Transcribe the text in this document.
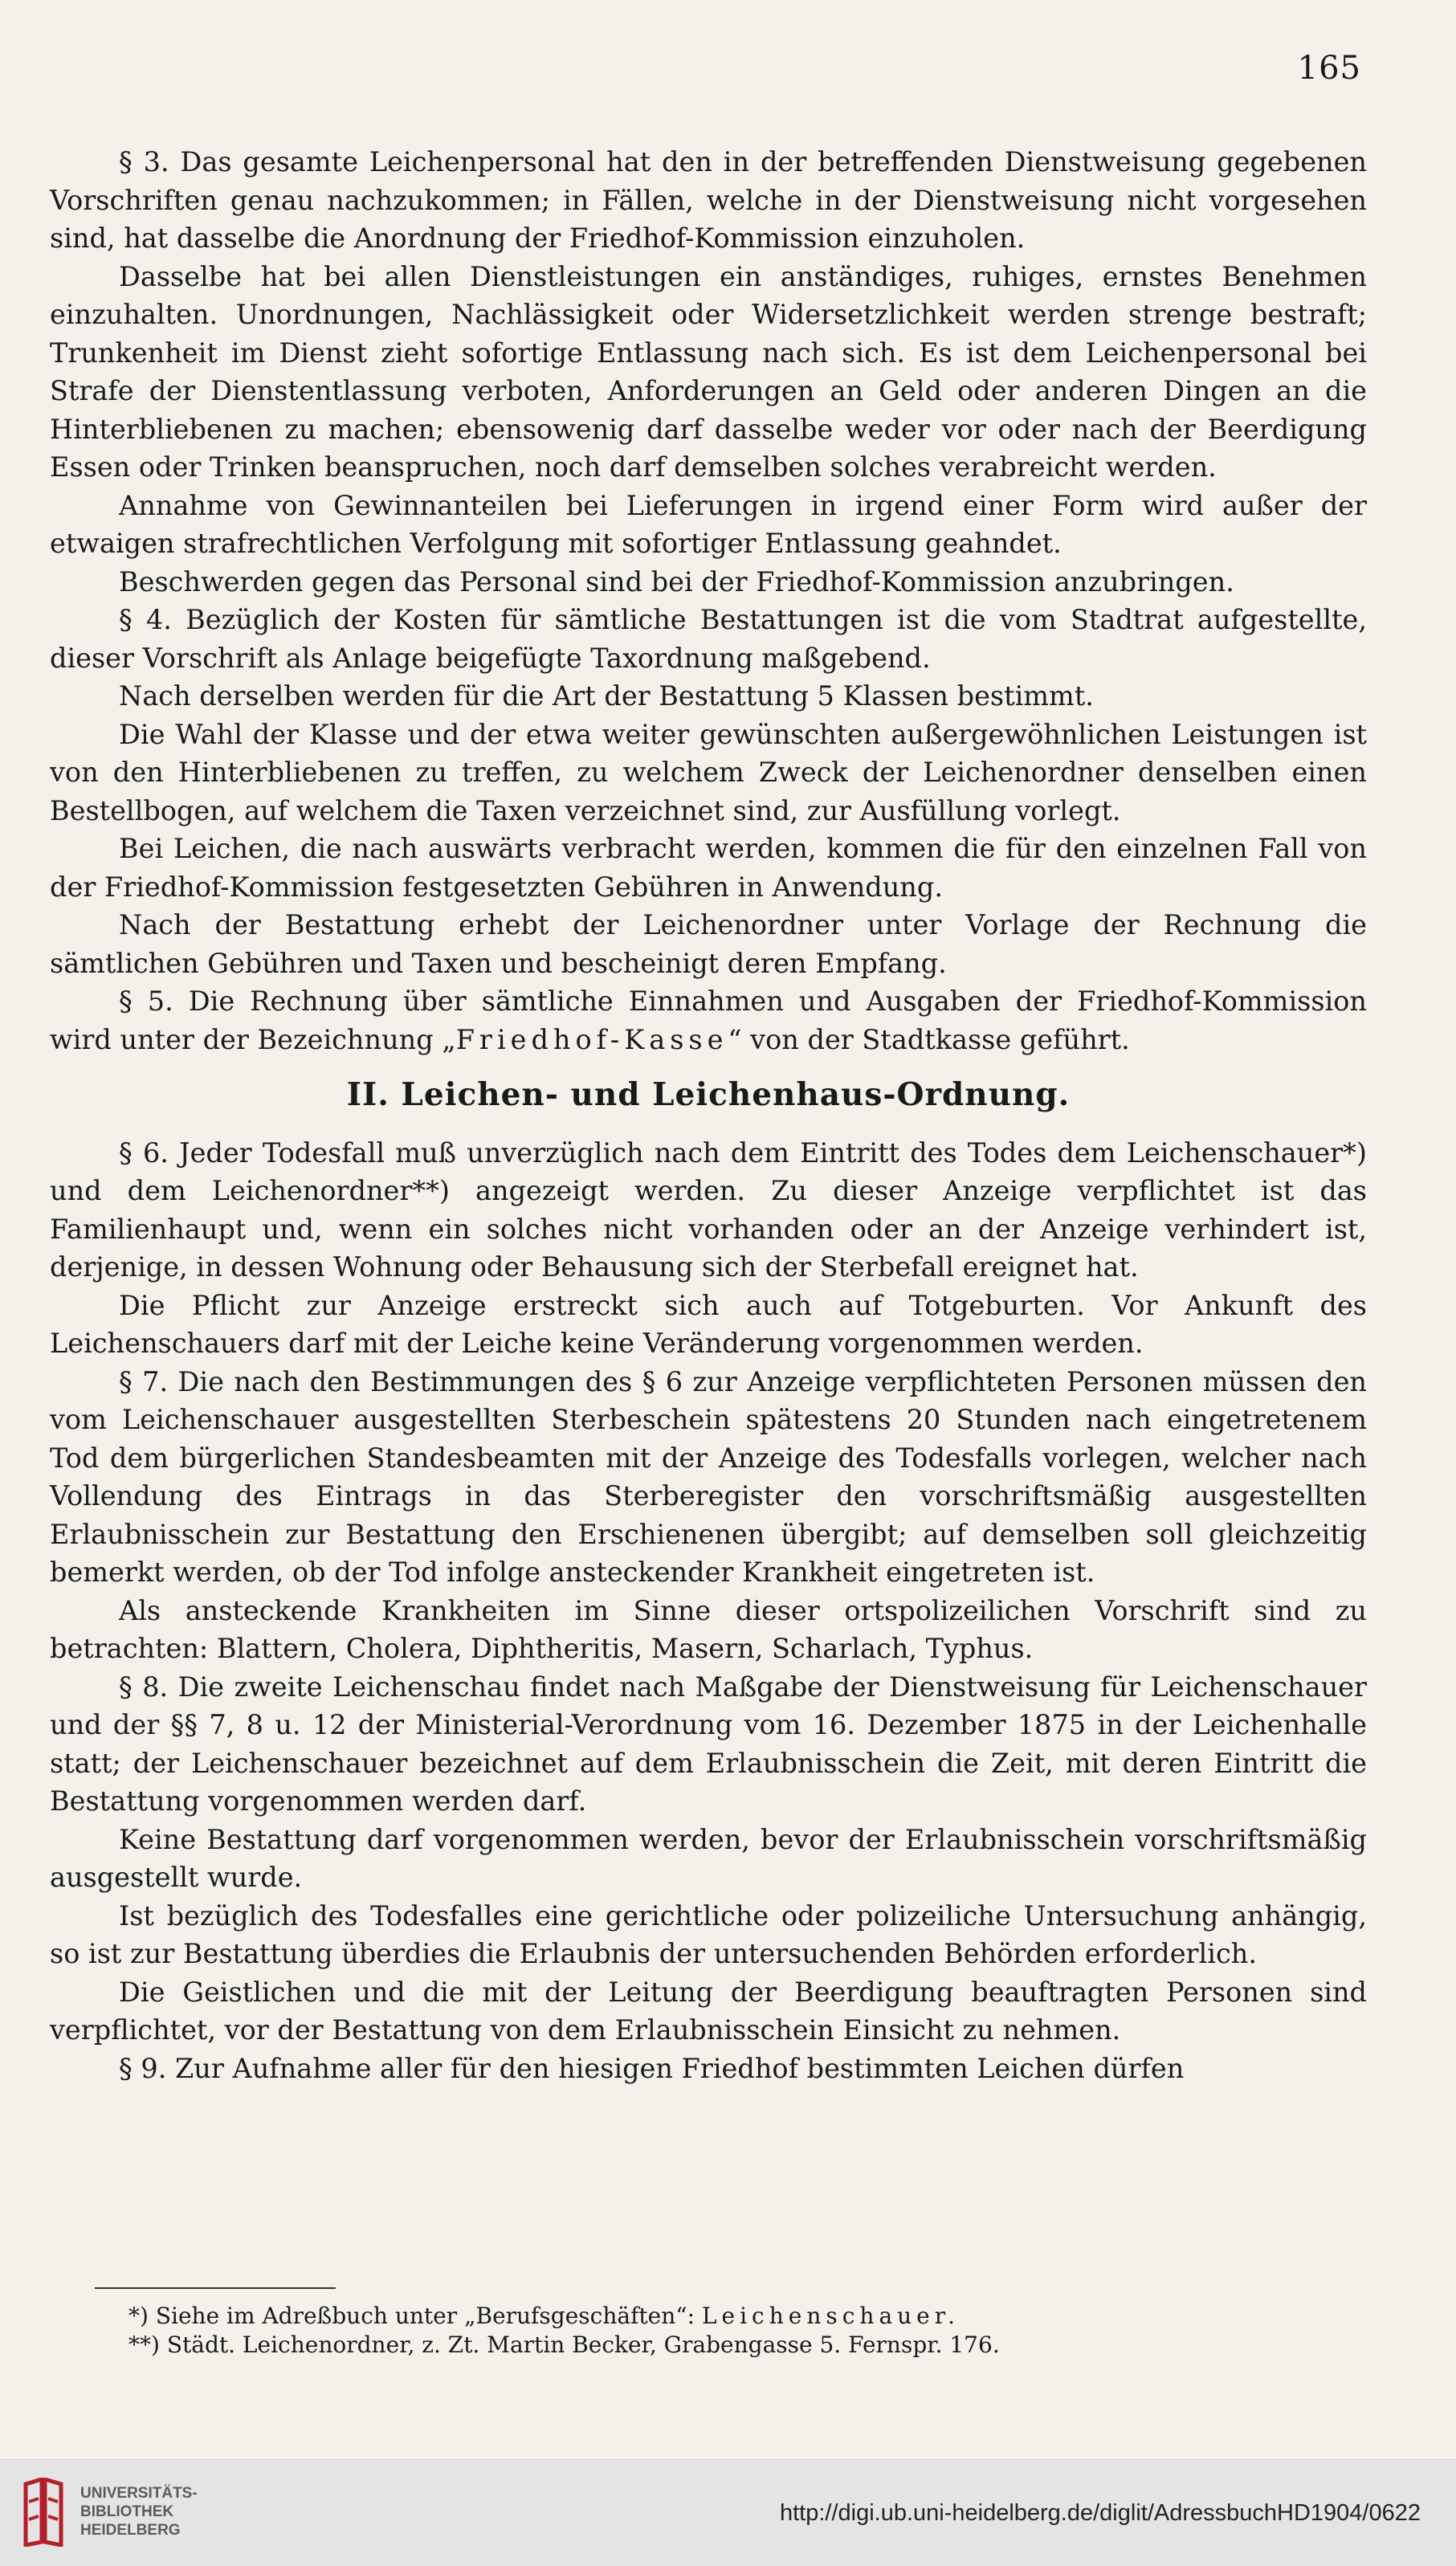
165

§ 3. Das gesamte Leichenpersonal hat den in der betreffenden Dienstweisung gegebenen Vorschriften genau nachzukommen; in Fällen, welche in der Dienstweisung nicht vorgesehen sind, hat dasselbe die Anordnung der Friedhof-Kommission einzuholen.

Dasselbe hat bei allen Dienstleistungen ein anständiges, ruhiges, ernstes Benehmen einzuhalten. Unordnungen, Nachlässigkeit oder Widersetzlichkeit werden strenge bestraft; Trunkenheit im Dienst zieht sofortige Entlassung nach sich. Es ist dem Leichenpersonal bei Strafe der Dienstentlassung verboten, Anforderungen an Geld oder anderen Dingen an die Hinterbliebenen zu machen; ebensowenig darf dasselbe weder vor oder nach der Beerdigung Essen oder Trinken beanspruchen, noch darf demselben solches verabreicht werden.

Annahme von Gewinnanteilen bei Lieferungen in irgend einer Form wird außer der etwaigen strafrechtlichen Verfolgung mit sofortiger Entlassung geahndet.

Beschwerden gegen das Personal sind bei der Friedhof-Kommission anzubringen.

§ 4. Bezüglich der Kosten für sämtliche Bestattungen ist die vom Stadtrat aufgestellte, dieser Vorschrift als Anlage beigefügte Taxordnung maßgebend.

Nach derselben werden für die Art der Bestattung 5 Klassen bestimmt.

Die Wahl der Klasse und der etwa weiter gewünschten außergewöhnlichen Leistungen ist von den Hinterbliebenen zu treffen, zu welchem Zweck der Leichenordner denselben einen Bestellbogen, auf welchem die Taxen verzeichnet sind, zur Ausfüllung vorlegt.

Bei Leichen, die nach auswärts verbracht werden, kommen die für den einzelnen Fall von der Friedhof-Kommission festgesetzten Gebühren in Anwendung.

Nach der Bestattung erhebt der Leichenordner unter Vorlage der Rechnung die sämtlichen Gebühren und Taxen und bescheinigt deren Empfang.

§ 5. Die Rechnung über sämtliche Einnahmen und Ausgaben der Friedhof-Kommission wird unter der Bezeichnung „Friedhof-Kasse“ von der Stadtkasse geführt.

II. Leichen- und Leichenhaus-Ordnung.

§ 6. Jeder Todesfall muß unverzüglich nach dem Eintritt des Todes dem Leichenschauer*) und dem Leichenordner**) angezeigt werden. Zu dieser Anzeige verpflichtet ist das Familienhaupt und, wenn ein solches nicht vorhanden oder an der Anzeige verhindert ist, derjenige, in dessen Wohnung oder Behausung sich der Sterbefall ereignet hat.

Die Pflicht zur Anzeige erstreckt sich auch auf Totgeburten. Vor Ankunft des Leichenschauers darf mit der Leiche keine Veränderung vorgenommen werden.

§ 7. Die nach den Bestimmungen des § 6 zur Anzeige verpflichteten Personen müssen den vom Leichenschauer ausgestellten Sterbeschein spätestens 20 Stunden nach eingetretenem Tod dem bürgerlichen Standesbeamten mit der Anzeige des Todesfalls vorlegen, welcher nach Vollendung des Eintrags in das Sterberegister den vorschriftsmäßig ausgestellten Erlaubnisschein zur Bestattung den Erschienenen übergibt; auf demselben soll gleichzeitig bemerkt werden, ob der Tod infolge ansteckender Krankheit eingetreten ist.

Als ansteckende Krankheiten im Sinne dieser ortspolizeilichen Vorschrift sind zu betrachten: Blattern, Cholera, Diphtheritis, Masern, Scharlach, Typhus.

§ 8. Die zweite Leichenschau findet nach Maßgabe der Dienstweisung für Leichenschauer und der §§ 7, 8 u. 12 der Ministerial-Verordnung vom 16. Dezember 1875 in der Leichenhalle statt; der Leichenschauer bezeichnet auf dem Erlaubnisschein die Zeit, mit deren Eintritt die Bestattung vorgenommen werden darf.

Keine Bestattung darf vorgenommen werden, bevor der Erlaubnisschein vorschriftsmäßig ausgestellt wurde.

Ist bezüglich des Todesfalles eine gerichtliche oder polizeiliche Untersuchung anhängig, so ist zur Bestattung überdies die Erlaubnis der untersuchenden Behörden erforderlich.

Die Geistlichen und die mit der Leitung der Beerdigung beauftragten Personen sind verpflichtet, vor der Bestattung von dem Erlaubnisschein Einsicht zu nehmen.

§ 9. Zur Aufnahme aller für den hiesigen Friedhof bestimmten Leichen dürfen

*) Siehe im Adreßbuch unter „Berufsgeschäften“: Leichenschauer.
**) Städt. Leichenordner, z. Zt. Martin Becker, Grabengasse 5. Fernspr. 176.
UNIVERSITÄTS-
BIBLIOTHEK
HEIDELBERG
http://digi.ub.uni-heidelberg.de/diglit/AdressbuchHD1904/0622
